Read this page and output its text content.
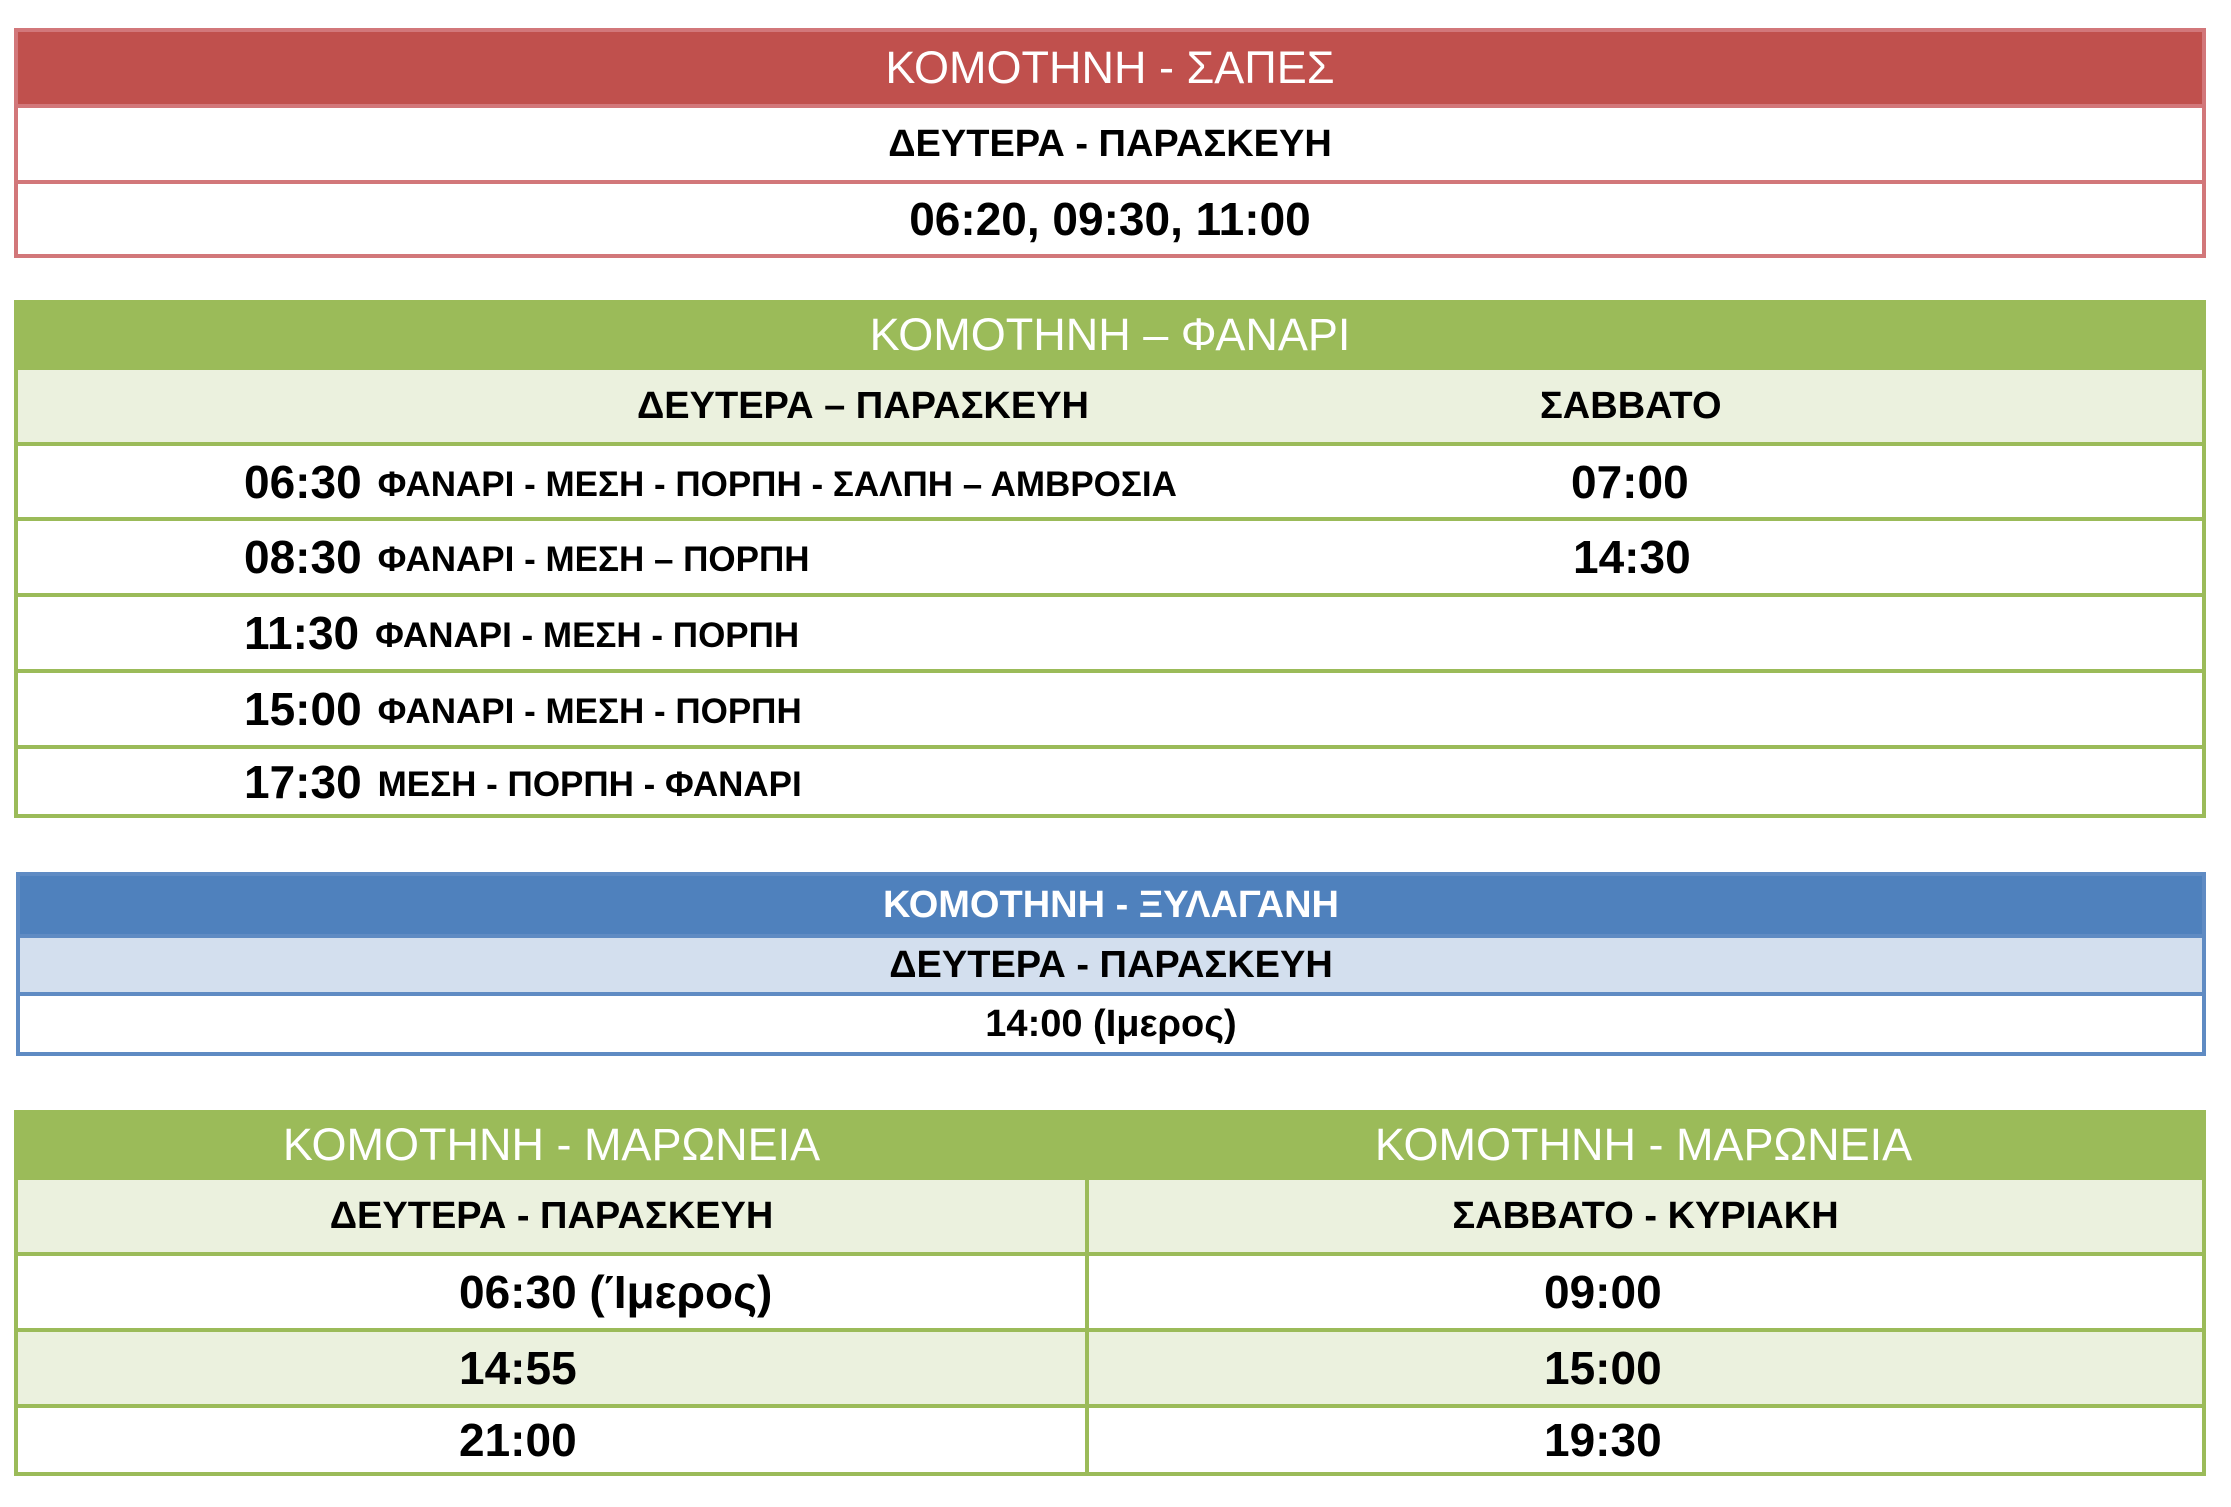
ΚΟΜΟΤΗΝΗ - ΣΑΠΕΣ
ΔΕΥΤΕΡΑ - ΠΑΡΑΣΚΕΥΗ
06:20, 09:30, 11:00
ΚΟΜΟΤΗΝΗ – ΦΑΝΑΡΙ
ΔΕΥΤΕΡΑ – ΠΑΡΑΣΚΕΥΗ	ΣΑΒΒΑΤΟ
06:30 ΦΑΝΑΡΙ - ΜΕΣΗ - ΠΟΡΠΗ - ΣΑΛΠΗ – ΑΜΒΡΟΣΙΑ	07:00
08:30 ΦΑΝΑΡΙ - ΜΕΣΗ – ΠΟΡΠΗ	14:30
11:30 ΦΑΝΑΡΙ - ΜΕΣΗ - ΠΟΡΠΗ
15:00 ΦΑΝΑΡΙ - ΜΕΣΗ - ΠΟΡΠΗ
17:30 ΜΕΣΗ - ΠΟΡΠΗ - ΦΑΝΑΡΙ
ΚΟΜΟΤΗΝΗ - ΞΥΛΑΓΑΝΗ
ΔΕΥΤΕΡΑ - ΠΑΡΑΣΚΕΥΗ
14:00 (Ιμερος)
ΚΟΜΟΤΗΝΗ - ΜΑΡΩΝΕΙΑ	ΚΟΜΟΤΗΝΗ - ΜΑΡΩΝΕΙΑ
ΔΕΥΤΕΡΑ - ΠΑΡΑΣΚΕΥΗ	ΣΑΒΒΑΤΟ - ΚΥΡΙΑΚΗ
06:30 (Ίμερος)	09:00
14:55	15:00
21:00	19:30
